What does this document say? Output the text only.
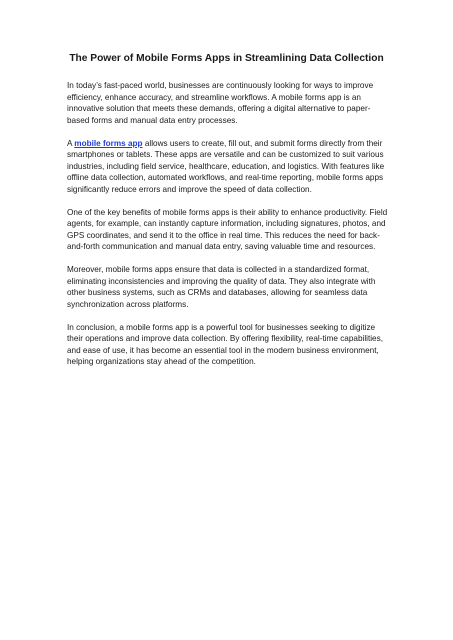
The Power of Mobile Forms Apps in Streamlining Data Collection

In today’s fast-paced world, businesses are continuously looking for ways to improve efficiency, enhance accuracy, and streamline workflows. A mobile forms app is an innovative solution that meets these demands, offering a digital alternative to paper-based forms and manual data entry processes.

A mobile forms app allows users to create, fill out, and submit forms directly from their smartphones or tablets. These apps are versatile and can be customized to suit various industries, including field service, healthcare, education, and logistics. With features like offline data collection, automated workflows, and real-time reporting, mobile forms apps significantly reduce errors and improve the speed of data collection.

One of the key benefits of mobile forms apps is their ability to enhance productivity. Field agents, for example, can instantly capture information, including signatures, photos, and GPS coordinates, and send it to the office in real time. This reduces the need for back-and-forth communication and manual data entry, saving valuable time and resources.

Moreover, mobile forms apps ensure that data is collected in a standardized format, eliminating inconsistencies and improving the quality of data. They also integrate with other business systems, such as CRMs and databases, allowing for seamless data synchronization across platforms.

In conclusion, a mobile forms app is a powerful tool for businesses seeking to digitize their operations and improve data collection. By offering flexibility, real-time capabilities, and ease of use, it has become an essential tool in the modern business environment, helping organizations stay ahead of the competition.
